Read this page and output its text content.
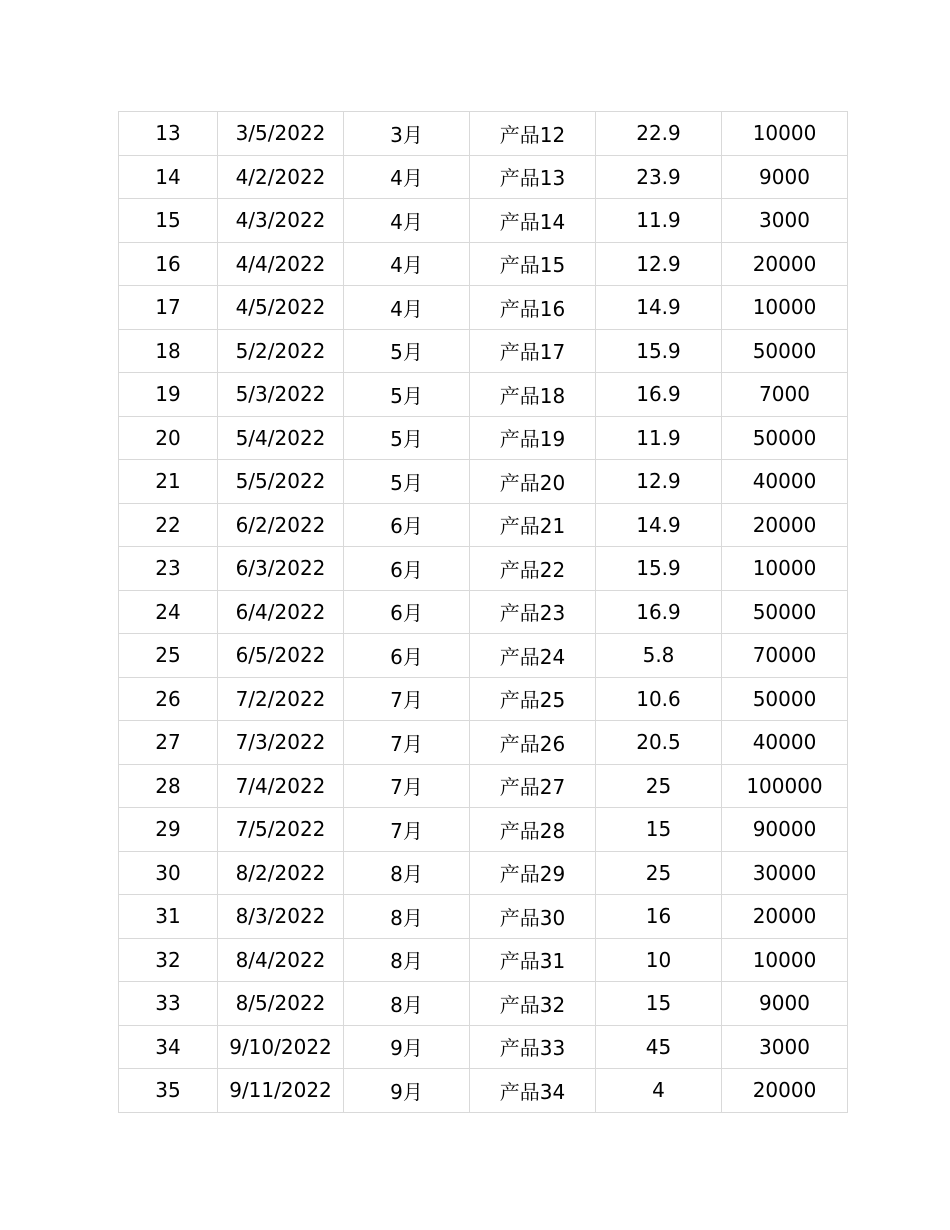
13	3/5/2022	3月	产品12	22.9	10000
14	4/2/2022	4月	产品13	23.9	9000
15	4/3/2022	4月	产品14	11.9	3000
16	4/4/2022	4月	产品15	12.9	20000
17	4/5/2022	4月	产品16	14.9	10000
18	5/2/2022	5月	产品17	15.9	50000
19	5/3/2022	5月	产品18	16.9	7000
20	5/4/2022	5月	产品19	11.9	50000
21	5/5/2022	5月	产品20	12.9	40000
22	6/2/2022	6月	产品21	14.9	20000
23	6/3/2022	6月	产品22	15.9	10000
24	6/4/2022	6月	产品23	16.9	50000
25	6/5/2022	6月	产品24	5.8	70000
26	7/2/2022	7月	产品25	10.6	50000
27	7/3/2022	7月	产品26	20.5	40000
28	7/4/2022	7月	产品27	25	100000
29	7/5/2022	7月	产品28	15	90000
30	8/2/2022	8月	产品29	25	30000
31	8/3/2022	8月	产品30	16	20000
32	8/4/2022	8月	产品31	10	10000
33	8/5/2022	8月	产品32	15	9000
34	9/10/2022	9月	产品33	45	3000
35	9/11/2022	9月	产品34	4	20000
